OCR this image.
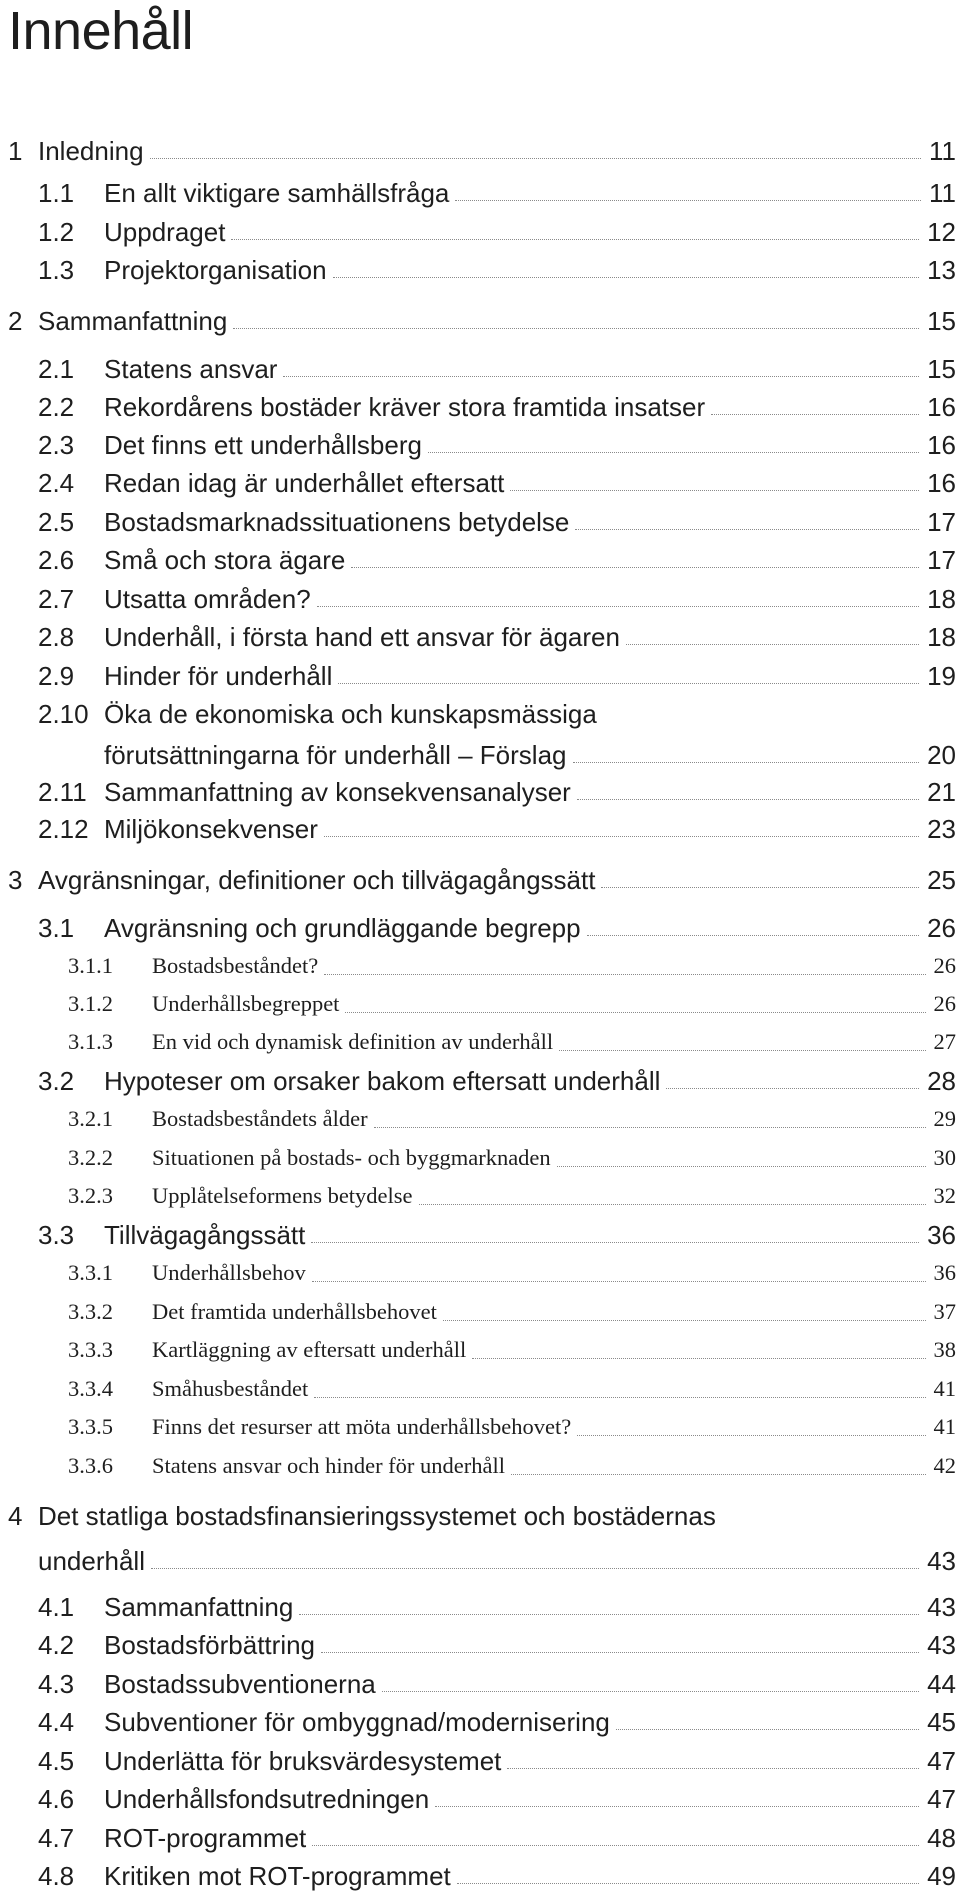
Innehåll
1 Inledning	11
1.1 En allt viktigare samhällsfråga	11
1.2 Uppdraget	12
1.3 Projektorganisation	13
2 Sammanfattning	15
2.1 Statens ansvar	15
2.2 Rekordårens bostäder kräver stora framtida insatser	16
2.3 Det finns ett underhållsberg	16
2.4 Redan idag är underhållet eftersatt	16
2.5 Bostadsmarknadssituationens betydelse	17
2.6 Små och stora ägare	17
2.7 Utsatta områden?	18
2.8 Underhåll, i första hand ett ansvar för ägaren	18
2.9 Hinder för underhåll	19
2.10 Öka de ekonomiska och kunskapsmässiga
förutsättningarna för underhåll – Förslag	20
2.11 Sammanfattning av konsekvensanalyser	21
2.12 Miljökonsekvenser	23
3 Avgränsningar, definitioner och tillvägagångssätt	25
3.1 Avgränsning och grundläggande begrepp	26
3.1.1 Bostadsbeståndet?	26
3.1.2 Underhållsbegreppet	26
3.1.3 En vid och dynamisk definition av underhåll	27
3.2 Hypoteser om orsaker bakom eftersatt underhåll	28
3.2.1 Bostadsbeståndets ålder	29
3.2.2 Situationen på bostads- och byggmarknaden	30
3.2.3 Upplåtelseformens betydelse	32
3.3 Tillvägagångssätt	36
3.3.1 Underhållsbehov	36
3.3.2 Det framtida underhållsbehovet	37
3.3.3 Kartläggning av eftersatt underhåll	38
3.3.4 Småhusbeståndet	41
3.3.5 Finns det resurser att möta underhållsbehovet?	41
3.3.6 Statens ansvar och hinder för underhåll	42
4 Det statliga bostadsfinansieringssystemet och bostädernas
underhåll	43
4.1 Sammanfattning	43
4.2 Bostadsförbättring	43
4.3 Bostadssubventionerna	44
4.4 Subventioner för ombyggnad/modernisering	45
4.5 Underlätta för bruksvärdesystemet	47
4.6 Underhållsfondsutredningen	47
4.7 ROT-programmet	48
4.8 Kritiken mot ROT-programmet	49
